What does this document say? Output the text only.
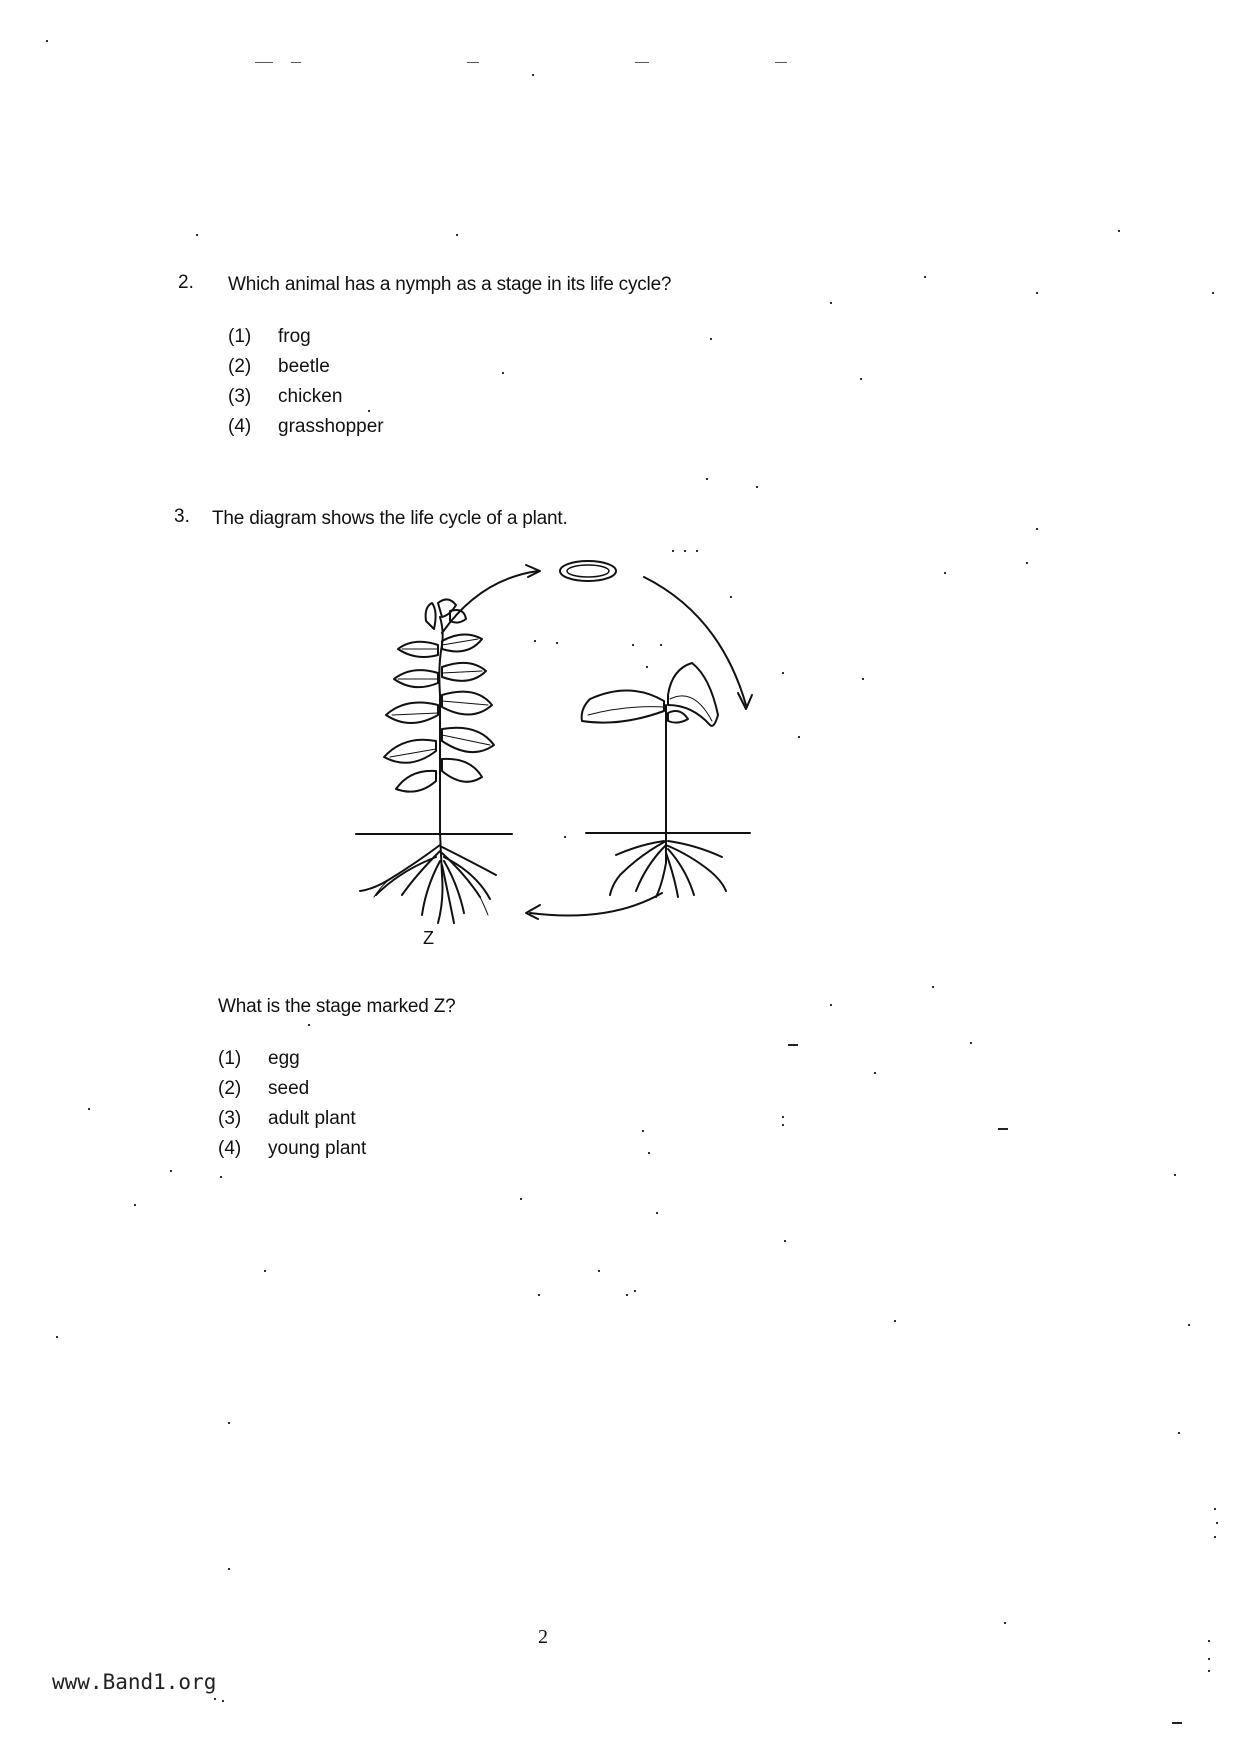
2. Which animal has a nymph as a stage in its life cycle?
(1) frog
(2) beetle
(3) chicken
(4) grasshopper
3. The diagram shows the life cycle of a plant.
Z
What is the stage marked Z?
(1) egg
(2) seed
(3) adult plant
(4) young plant
2
www.Band1.org
